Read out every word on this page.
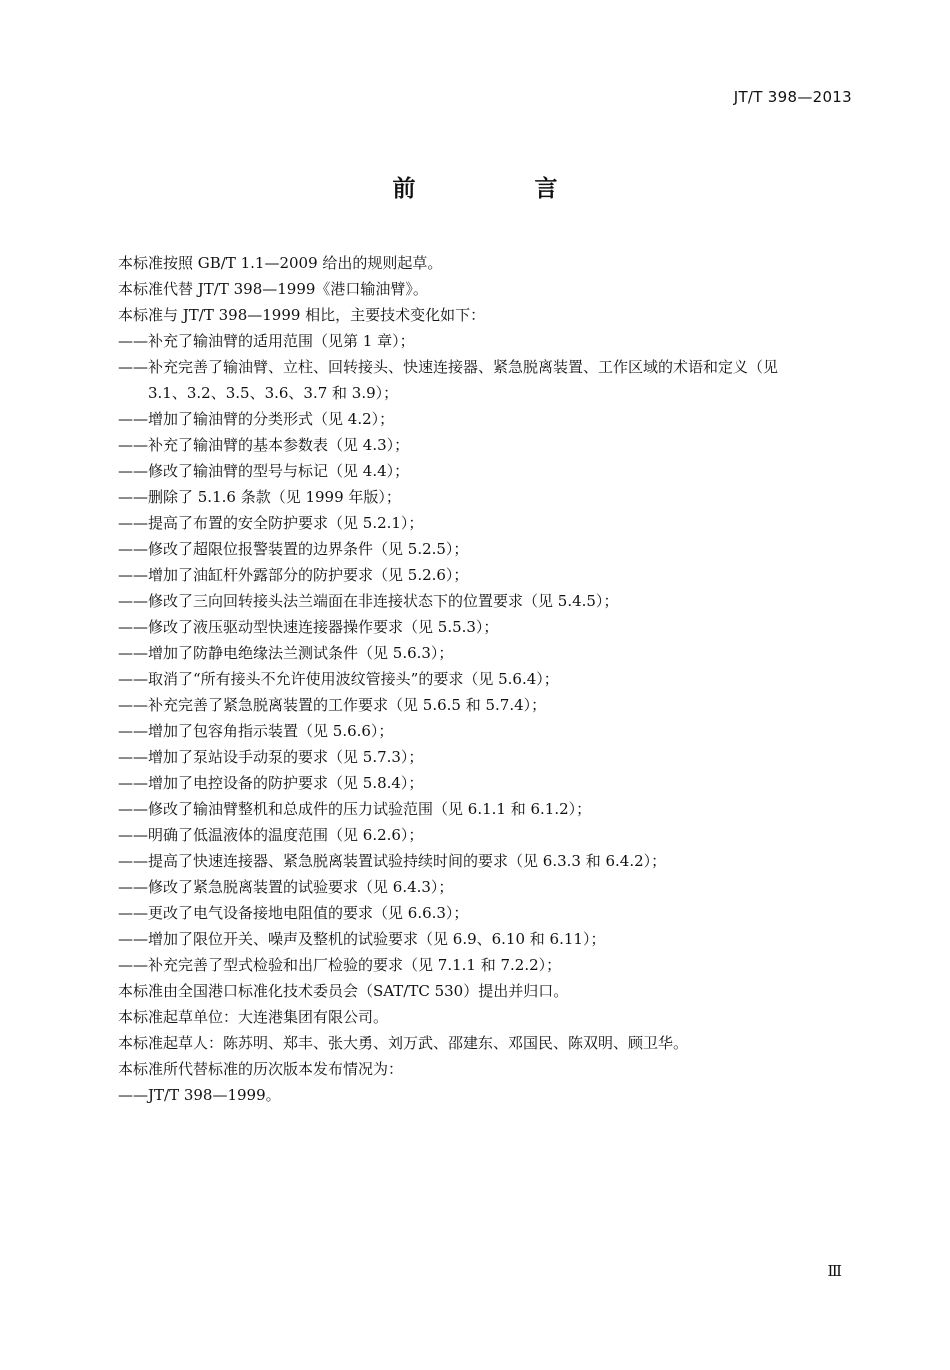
JT/T 398—2013
前　言
本标准按照 GB/T 1.1—2009 给出的规则起草。
本标准代替 JT/T 398—1999《港口输油臂》。
本标准与 JT/T 398—1999 相比，主要技术变化如下：
——补充了输油臂的适用范围（见第 1 章）；
——补充完善了输油臂、立柱、回转接头、快速连接器、紧急脱离装置、工作区域的术语和定义（见
3.1、3.2、3.5、3.6、3.7 和 3.9）；
——增加了输油臂的分类形式（见 4.2）；
——补充了输油臂的基本参数表（见 4.3）；
——修改了输油臂的型号与标记（见 4.4）；
——删除了 5.1.6 条款（见 1999 年版）；
——提高了布置的安全防护要求（见 5.2.1）；
——修改了超限位报警装置的边界条件（见 5.2.5）；
——增加了油缸杆外露部分的防护要求（见 5.2.6）；
——修改了三向回转接头法兰端面在非连接状态下的位置要求（见 5.4.5）；
——修改了液压驱动型快速连接器操作要求（见 5.5.3）；
——增加了防静电绝缘法兰测试条件（见 5.6.3）；
——取消了“所有接头不允许使用波纹管接头”的要求（见 5.6.4）；
——补充完善了紧急脱离装置的工作要求（见 5.6.5 和 5.7.4）；
——增加了包容角指示装置（见 5.6.6）；
——增加了泵站设手动泵的要求（见 5.7.3）；
——增加了电控设备的防护要求（见 5.8.4）；
——修改了输油臂整机和总成件的压力试验范围（见 6.1.1 和 6.1.2）；
——明确了低温液体的温度范围（见 6.2.6）；
——提高了快速连接器、紧急脱离装置试验持续时间的要求（见 6.3.3 和 6.4.2）；
——修改了紧急脱离装置的试验要求（见 6.4.3）；
——更改了电气设备接地电阻值的要求（见 6.6.3）；
——增加了限位开关、噪声及整机的试验要求（见 6.9、6.10 和 6.11）；
——补充完善了型式检验和出厂检验的要求（见 7.1.1 和 7.2.2）；
本标准由全国港口标准化技术委员会（SAT/TC 530）提出并归口。
本标准起草单位：大连港集团有限公司。
本标准起草人：陈苏明、郑丰、张大勇、刘万武、邵建东、邓国民、陈双明、顾卫华。
本标准所代替标准的历次版本发布情况为：
——JT/T 398—1999。
Ⅲ
